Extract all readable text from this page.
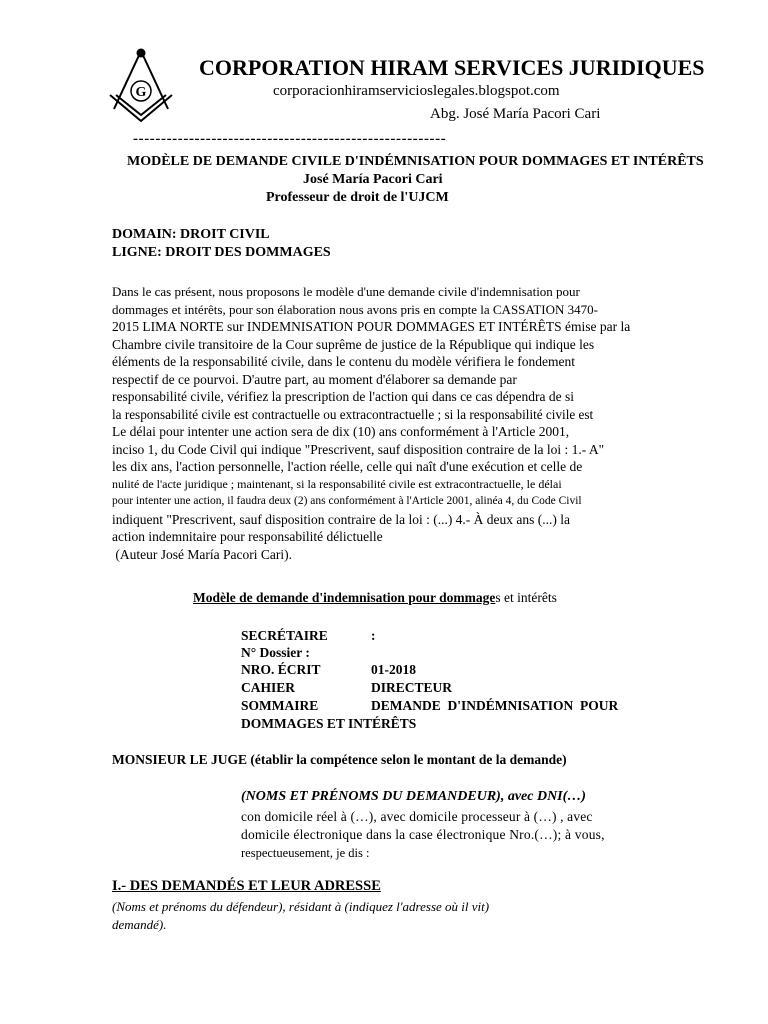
G
CORPORATION HIRAM SERVICES JURIDIQUES
corporacionhiramservicioslegales.blogspot.com
Abg. José María Pacori Cari
--------------------------------------------------------
MODÈLE DE DEMANDE CIVILE D'INDÉMNISATION POUR DOMMAGES ET INTÉRÊTS
José María Pacori Cari
Professeur de droit de l'UJCM
DOMAIN: DROIT CIVIL
LIGNE: DROIT DES DOMMAGES
Dans le cas présent, nous proposons le modèle d'une demande civile d'indemnisation pour
dommages et intérêts, pour son élaboration nous avons pris en compte la CASSATION 3470-
2015 LIMA NORTE sur INDEMNISATION POUR DOMMAGES ET INTÉRÊTS émise par la
Chambre civile transitoire de la Cour suprême de justice de la République qui indique les
éléments de la responsabilité civile, dans le contenu du modèle vérifiera le fondement
respectif de ce pourvoi. D'autre part, au moment d'élaborer sa demande par
responsabilité civile, vérifiez la prescription de l'action qui dans ce cas dépendra de si
la responsabilité civile est contractuelle ou extracontractuelle ; si la responsabilité civile est
Le délai pour intenter une action sera de dix (10) ans conformément à l'Article 2001,
inciso 1, du Code Civil qui indique "Prescrivent, sauf disposition contraire de la loi : 1.- A"
les dix ans, l'action personnelle, l'action réelle, celle qui naît d'une exécution et celle de
nulité de l'acte juridique ; maintenant, si la responsabilité civile est extracontractuelle, le délai
pour intenter une action, il faudra deux (2) ans conformément à l'Article 2001, alinéa 4, du Code Civil
indiquent "Prescrivent, sauf disposition contraire de la loi : (...) 4.- À deux ans (...) la
action indemnitaire pour responsabilité délictuelle
(Auteur José María Pacori Cari).
Modèle de demande d'indemnisation pour dommages et intérêts
SECRÉTAIRE	:
N° Dossier :
NRO. ÉCRIT	01-2018
CAHIER	DIRECTEUR
SOMMAIRE	DEMANDE  D'INDÉMNISATION  POUR
DOMMAGES ET INTÉRÊTS
MONSIEUR LE JUGE (établir la compétence selon le montant de la demande)
(NOMS ET PRÉNOMS DU DEMANDEUR), avec DNI(…)
con domicile réel à (…), avec domicile processeur à (…) , avec
domicile électronique dans la case électronique Nro.(…); à vous,
respectueusement, je dis :
I.- DES DEMANDÉS ET LEUR ADRESSE
(Noms et prénoms du défendeur), résidant à (indiquez l'adresse où il vit)
demandé).
